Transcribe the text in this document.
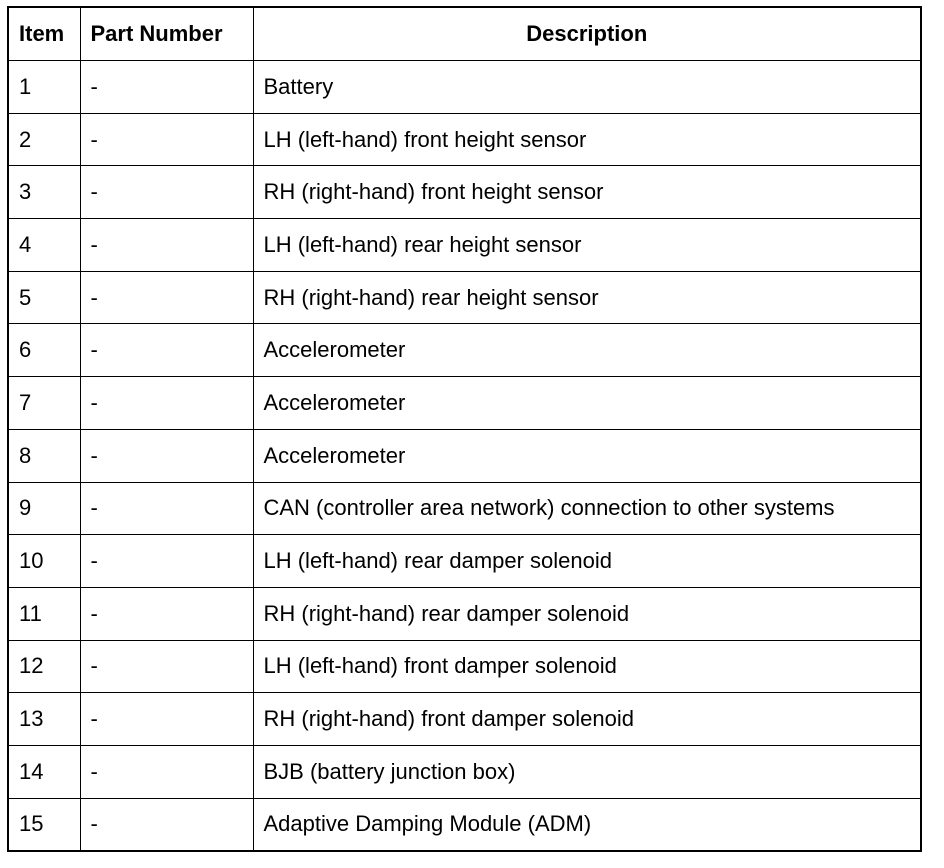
Item	Part Number	Description
1	-	Battery
2	-	LH (left-hand) front height sensor
3	-	RH (right-hand) front height sensor
4	-	LH (left-hand) rear height sensor
5	-	RH (right-hand) rear height sensor
6	-	Accelerometer
7	-	Accelerometer
8	-	Accelerometer
9	-	CAN (controller area network) connection to other systems
10	-	LH (left-hand) rear damper solenoid
11	-	RH (right-hand) rear damper solenoid
12	-	LH (left-hand) front damper solenoid
13	-	RH (right-hand) front damper solenoid
14	-	BJB (battery junction box)
15	-	Adaptive Damping Module (ADM)
